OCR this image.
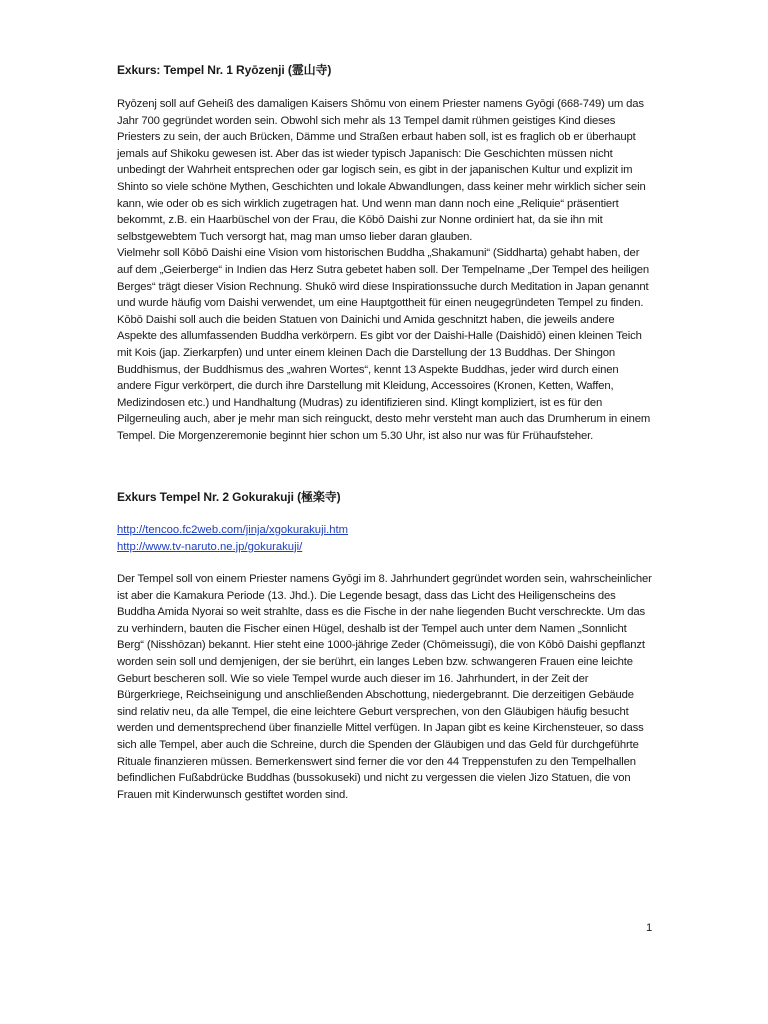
Exkurs: Tempel Nr. 1 Ryōzenji (霊山寺)

Ryōzenj soll auf Geheiß des damaligen Kaisers Shōmu von einem Priester namens Gyōgi (668-749) um das Jahr 700 gegründet worden sein. Obwohl sich mehr als 13 Tempel damit rühmen geistiges Kind dieses Priesters zu sein, der auch Brücken, Dämme und Straßen erbaut haben soll, ist es fraglich ob er überhaupt jemals auf Shikoku gewesen ist. Aber das ist wieder typisch Japanisch: Die Geschichten müssen nicht unbedingt der Wahrheit entsprechen oder gar logisch sein, es gibt in der japanischen Kultur und explizit im Shinto so viele schöne Mythen, Geschichten und lokale Abwandlungen, dass keiner mehr wirklich sicher sein kann, wie oder ob es sich wirklich zugetragen hat. Und wenn man dann noch eine „Reliquie“ präsentiert bekommt, z.B. ein Haarbüschel von der Frau, die Kōbō Daishi zur Nonne ordiniert hat, da sie ihn mit selbstgewebtem Tuch versorgt hat, mag man umso lieber daran glauben.

Vielmehr soll Kōbō Daishi eine Vision vom historischen Buddha „Shakamuni“ (Siddharta) gehabt haben, der auf dem „Geierberge“ in Indien das Herz Sutra gebetet haben soll. Der Tempelname „Der Tempel des heiligen Berges“ trägt dieser Vision Rechnung. Shukō wird diese Inspirationssuche durch Meditation in Japan genannt und wurde häufig vom Daishi verwendet, um eine Hauptgottheit für einen neugegründeten Tempel zu finden.

Kōbō Daishi soll auch die beiden Statuen von Dainichi und Amida geschnitzt haben, die jeweils andere Aspekte des allumfassenden Buddha verkörpern. Es gibt vor der Daishi-Halle (Daishidō) einen kleinen Teich mit Kois (jap. Zierkarpfen) und unter einem kleinen Dach die Darstellung der 13 Buddhas. Der Shingon Buddhismus, der Buddhismus des „wahren Wortes“, kennt 13 Aspekte Buddhas, jeder wird durch einen andere Figur verkörpert, die durch ihre Darstellung mit Kleidung, Accessoires (Kronen, Ketten, Waffen, Medizindosen etc.) und Handhaltung (Mudras) zu identifizieren sind. Klingt kompliziert, ist es für den Pilgerneuling auch, aber je mehr man sich reinguckt, desto mehr versteht man auch das Drumherum in einem Tempel. Die Morgenzeremonie beginnt hier schon um 5.30 Uhr, ist also nur was für Frühaufsteher.

Exkurs Tempel Nr. 2 Gokurakuji (極楽寺)
http://tencoo.fc2web.com/jinja/xgokurakuji.htm
http://www.tv-naruto.ne.jp/gokurakuji/

Der Tempel soll von einem Priester namens Gyōgi im 8. Jahrhundert gegründet worden sein, wahrscheinlicher ist aber die Kamakura Periode (13. Jhd.). Die Legende besagt, dass das Licht des Heiligenscheins des Buddha Amida Nyorai so weit strahlte, dass es die Fische in der nahe liegenden Bucht verschreckte. Um das zu verhindern, bauten die Fischer einen Hügel, deshalb ist der Tempel auch unter dem Namen „Sonnlicht Berg“ (Nisshōzan) bekannt. Hier steht eine 1000-jährige Zeder (Chōmeissugi), die von Kōbō Daishi gepflanzt worden sein soll und demjenigen, der sie berührt, ein langes Leben bzw. schwangeren Frauen eine leichte Geburt bescheren soll. Wie so viele Tempel wurde auch dieser im 16. Jahrhundert, in der Zeit der Bürgerkriege, Reichseinigung und anschließenden Abschottung, niedergebrannt. Die derzeitigen Gebäude sind relativ neu, da alle Tempel, die eine leichtere Geburt versprechen, von den Gläubigen häufig besucht werden und dementsprechend über finanzielle Mittel verfügen. In Japan gibt es keine Kirchensteuer, so dass sich alle Tempel, aber auch die Schreine, durch die Spenden der Gläubigen und das Geld für durchgeführte Rituale finanzieren müssen. Bemerkenswert sind ferner die vor den 44 Treppenstufen zu den Tempelhallen befindlichen Fußabdrücke Buddhas (bussokuseki) und nicht zu vergessen die vielen Jizo Statuen, die von Frauen mit Kinderwunsch gestiftet worden sind.

1
